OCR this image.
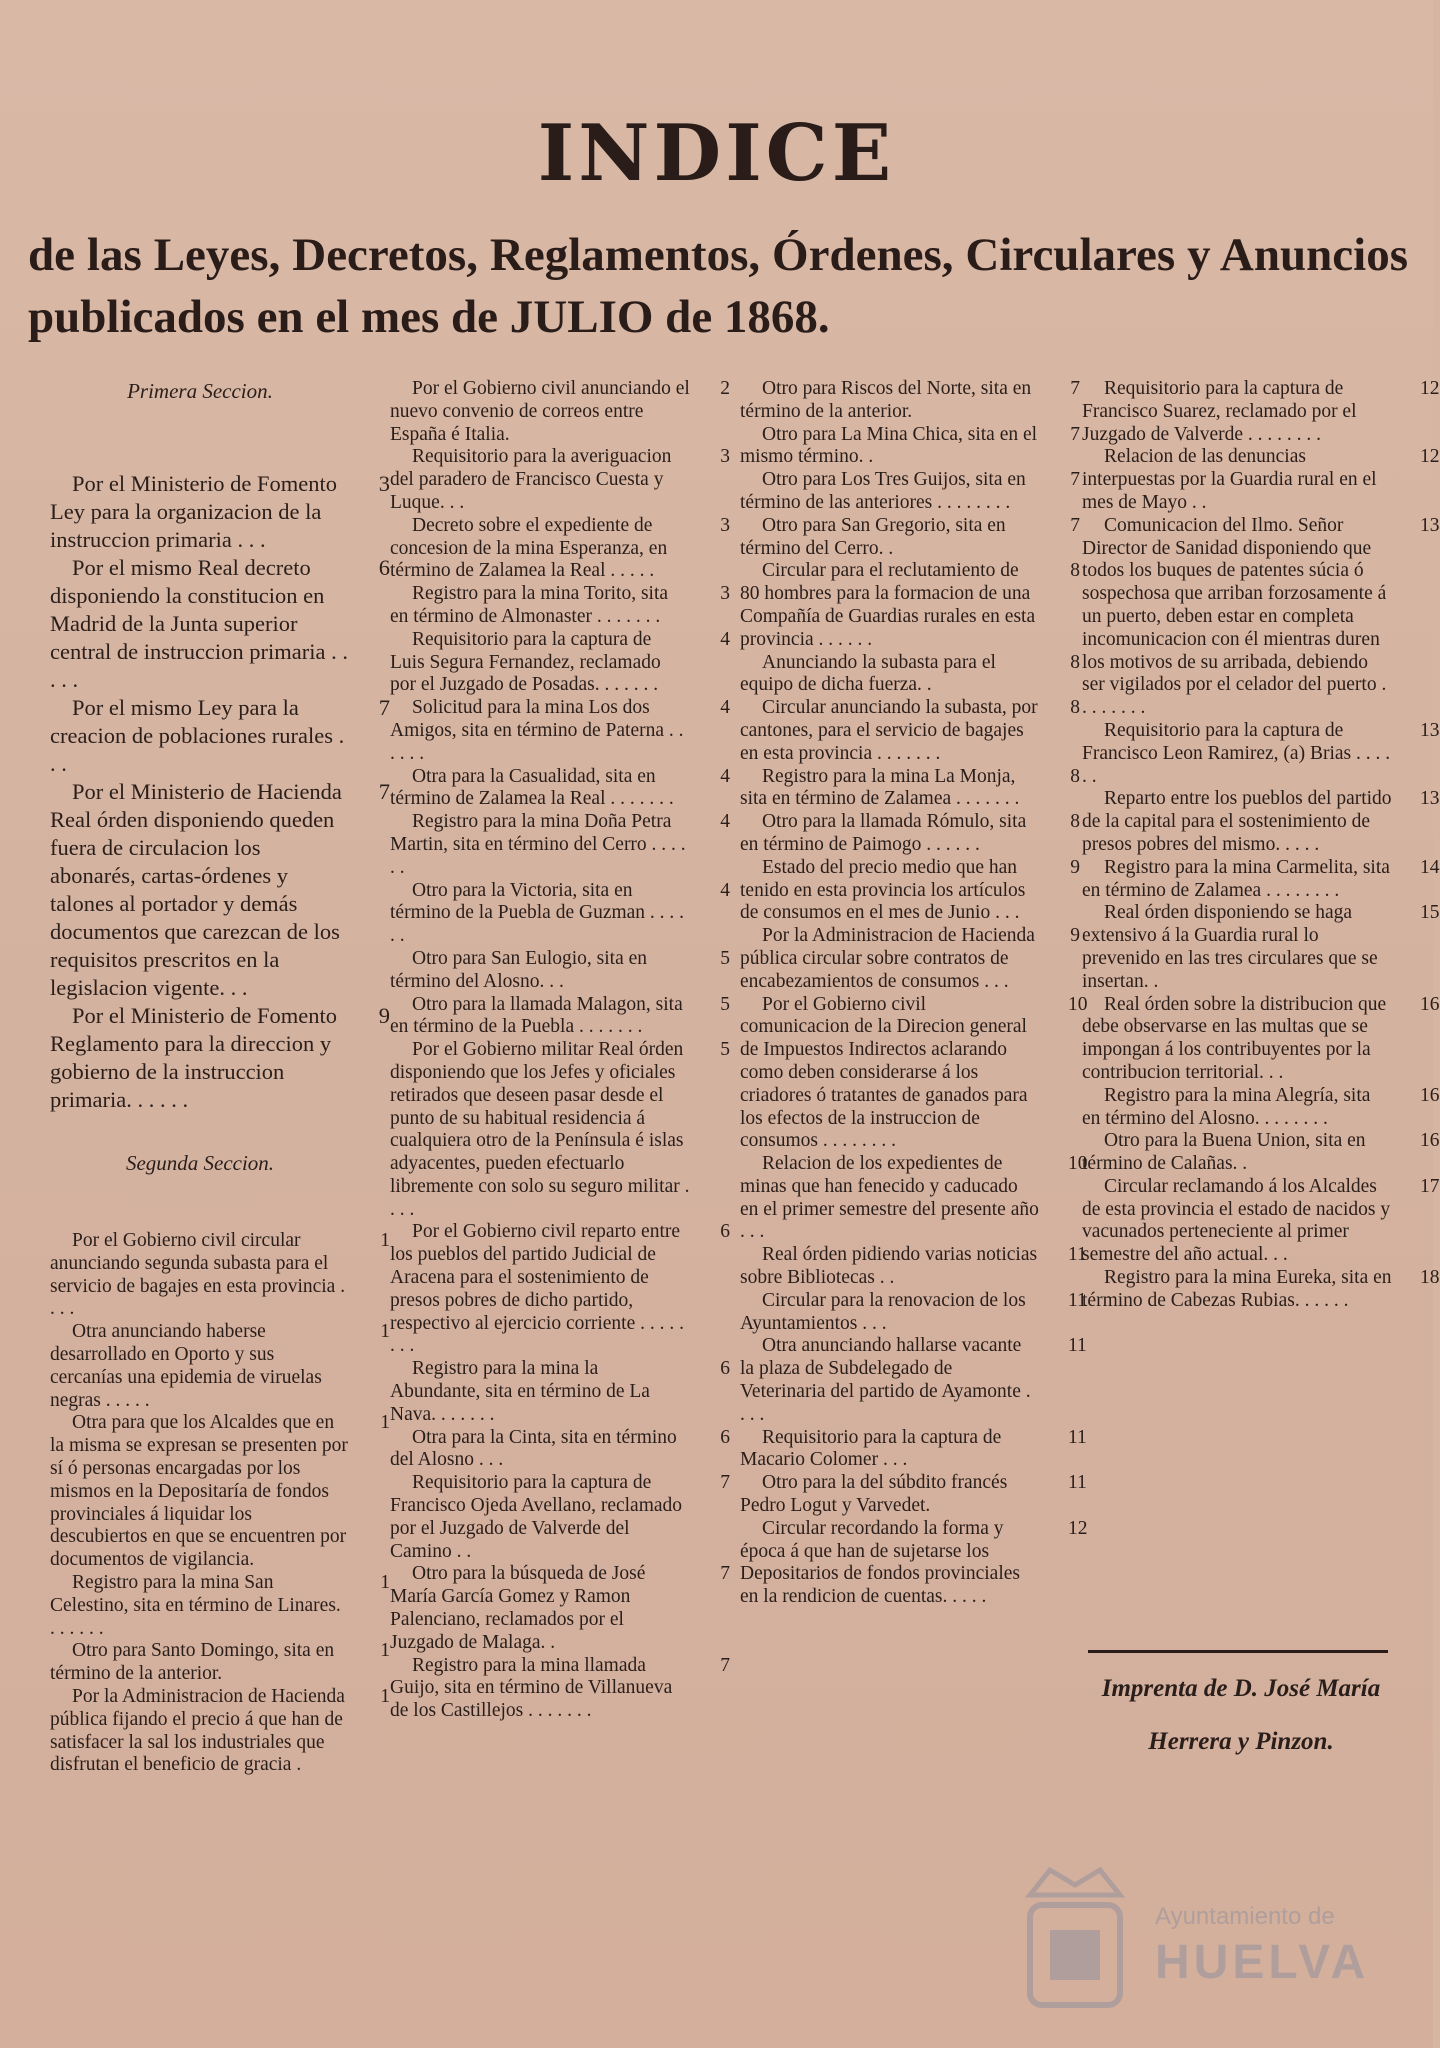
INDICE
de las Leyes, Decretos, Reglamentos, Órdenes, Circulares y Anuncios publicados en el mes de JULIO de 1868.
Primera Seccion.

3
Por el Ministerio de Fomento Ley para la organizacion de la instruccion primaria . . .

6
Por el mismo Real decreto disponiendo la constitucion en Madrid de la Junta superior central de instruccion primaria . . . . .

7
Por el mismo Ley para la creacion de poblaciones rurales . . .

7
Por el Ministerio de Hacienda Real órden disponiendo queden fuera de circulacion los abonarés, cartas-órdenes y talones al portador y demás documentos que carezcan de los requisitos prescritos en la legislacion vigente. . .

9
Por el Ministerio de Fomento Reglamento para la direccion y gobierno de la instruccion primaria. . . . . .

Segunda Seccion.

1
Por el Gobierno civil circular anunciando segunda subasta para el servicio de bagajes en esta provincia . . . .

1
Otra anunciando haberse desarrollado en Oporto y sus cercanías una epidemia de viruelas negras . . . . .

1
Otra para que los Alcaldes que en la misma se expresan se presenten por sí ó personas encargadas por los mismos en la Depositaría de fondos provinciales á liquidar los descubiertos en que se encuentren por documentos de vigilancia.

1
Registro para la mina San Celestino, sita en término de Linares. . . . . . .

1
Otro para Santo Domingo, sita en término de la anterior.

1
Por la Administracion de Hacienda pública fijando el precio á que han de satisfacer la sal los industriales que disfrutan el beneficio de gracia .

2
Por el Gobierno civil anunciando el nuevo convenio de correos entre España é Italia.

3
Requisitorio para la averiguacion del paradero de Francisco Cuesta y Luque. . .

3
Decreto sobre el expediente de concesion de la mina Esperanza, en término de Zalamea la Real . . . . .

3
Registro para la mina Torito, sita en término de Almonaster . . . . . . .

4
Requisitorio para la captura de Luis Segura Fernandez, reclamado por el Juzgado de Posadas. . . . . . .

4
Solicitud para la mina Los dos Amigos, sita en término de Paterna . . . . . .

4
Otra para la Casualidad, sita en término de Zalamea la Real . . . . . . .

4
Registro para la mina Doña Petra Martin, sita en término del Cerro . . . . . .

4
Otro para la Victoria, sita en término de la Puebla de Guzman . . . . . .

5
Otro para San Eulogio, sita en término del Alosno. . .

5
Otro para la llamada Malagon, sita en término de la Puebla . . . . . . .

5
Por el Gobierno militar Real órden disponiendo que los Jefes y oficiales retirados que deseen pasar desde el punto de su habitual residencia á cualquiera otro de la Península é islas adyacentes, pueden efectuarlo libremente con solo su seguro militar . . . .

6
Por el Gobierno civil reparto entre los pueblos del partido Judicial de Aracena para el sostenimiento de presos pobres de dicho partido, respectivo al ejercicio corriente . . . . . . . .

6
Registro para la mina la Abundante, sita en término de La Nava. . . . . . .

6
Otra para la Cinta, sita en término del Alosno . . .

7
Requisitorio para la captura de Francisco Ojeda Avellano, reclamado por el Juzgado de Valverde del Camino . .

7
Otro para la búsqueda de José María García Gomez y Ramon Palenciano, reclamados por el Juzgado de Malaga. .

7
Registro para la mina llamada Guijo, sita en término de Villanueva de los Castillejos . . . . . . .

7
Otro para Riscos del Norte, sita en término de la anterior.

7
Otro para La Mina Chica, sita en el mismo término. .

7
Otro para Los Tres Guijos, sita en término de las anteriores . . . . . . . .

7
Otro para San Gregorio, sita en término del Cerro. .

8
Circular para el reclutamiento de 80 hombres para la formacion de una Compañía de Guardias rurales en esta provincia . . . . . .

8
Anunciando la subasta para el equipo de dicha fuerza. .

8
Circular anunciando la subasta, por cantones, para el servicio de bagajes en esta provincia . . . . . . .

8
Registro para la mina La Monja, sita en término de Zalamea . . . . . . .

8
Otro para la llamada Rómulo, sita en término de Paimogo . . . . . .

9
Estado del precio medio que han tenido en esta provincia los artículos de consumos en el mes de Junio . . .

9
Por la Administracion de Hacienda pública circular sobre contratos de encabezamientos de consumos . . .

10
Por el Gobierno civil comunicacion de la Direcion general de Impuestos Indirectos aclarando como deben considerarse á los criadores ó tratantes de ganados para los efectos de la instruccion de consumos . . . . . . . .

10
Relacion de los expedientes de minas que han fenecido y caducado en el primer semestre del presente año . . .

11
Real órden pidiendo varias noticias sobre Bibliotecas . .

11
Circular para la renovacion de los Ayuntamientos . . .

11
Otra anunciando hallarse vacante la plaza de Subdelegado de Veterinaria del partido de Ayamonte . . . .

11
Requisitorio para la captura de Macario Colomer . . .

11
Otro para la del súbdito francés Pedro Logut y Varvedet.

12
Circular recordando la forma y época á que han de sujetarse los Depositarios de fondos provinciales en la rendicion de cuentas. . . . .

12
Requisitorio para la captura de Francisco Suarez, reclamado por el Juzgado de Valverde . . . . . . . .

12
Relacion de las denuncias interpuestas por la Guardia rural en el mes de Mayo . .

13
Comunicacion del Ilmo. Señor Director de Sanidad disponiendo que todos los buques de patentes súcia ó sospechosa que arriban forzosamente á un puerto, deben estar en completa incomunicacion con él mientras duren los motivos de su arribada, debiendo ser vigilados por el celador del puerto . . . . . . . .

13
Requisitorio para la captura de Francisco Leon Ramirez, (a) Brias . . . . . .

13
Reparto entre los pueblos del partido de la capital para el sostenimiento de presos pobres del mismo. . . . .

14
Registro para la mina Carmelita, sita en término de Zalamea . . . . . . . .

15
Real órden disponiendo se haga extensivo á la Guardia rural lo prevenido en las tres circulares que se insertan. .

16
Real órden sobre la distribucion que debe observarse en las multas que se impongan á los contribuyentes por la contribucion territorial. . .

16
Registro para la mina Alegría, sita en término del Alosno. . . . . . . .

16
Otro para la Buena Union, sita en término de Calañas. .

17
Circular reclamando á los Alcaldes de esta provincia el estado de nacidos y vacunados perteneciente al primer semestre del año actual. . .

18
Registro para la mina Eureka, sita en término de Cabezas Rubias. . . . . .

Imprenta de D. José María
Herrera y Pinzon.
Ayuntamiento de
HUELVA
